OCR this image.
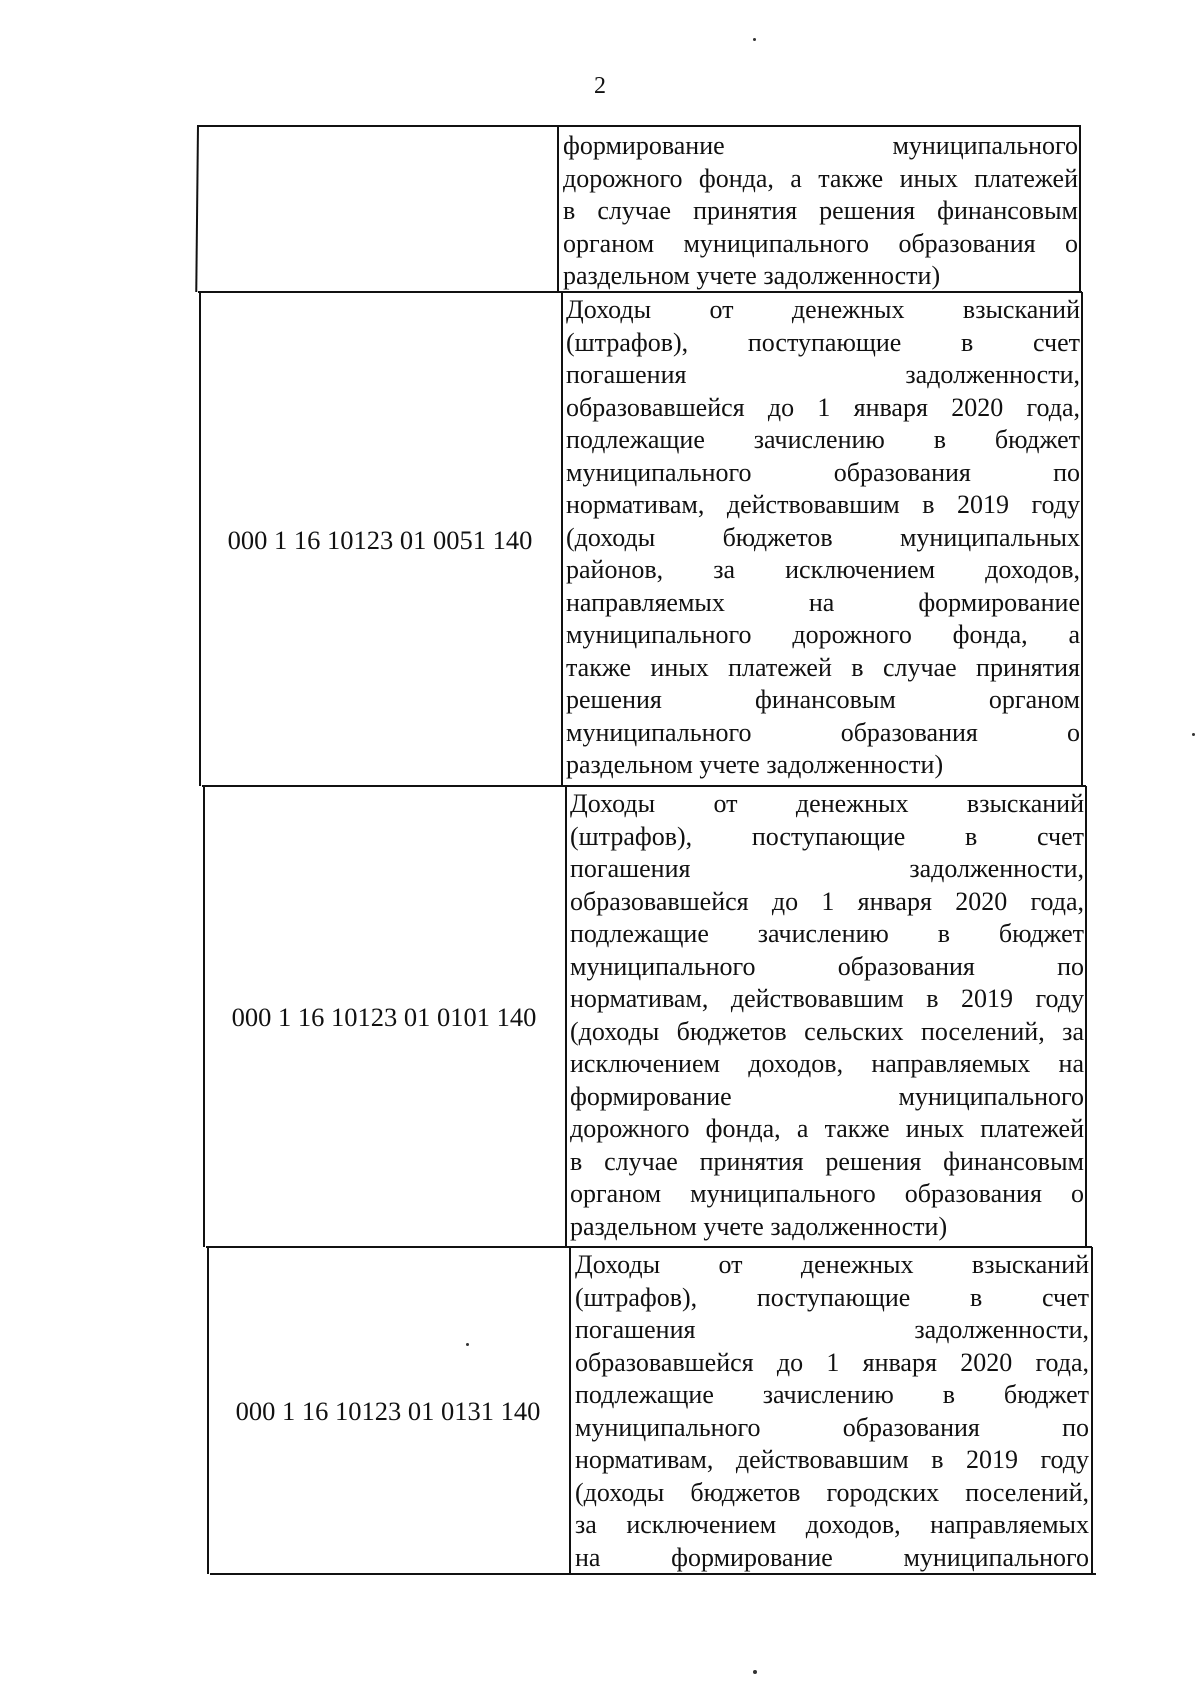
2
формирование муниципального
дорожного фонда, а также иных платежей
в случае принятия решения финансовым
органом муниципального образования о
раздельном учете задолженности)
000 1 16 10123 01 0051 140
Доходы от денежных взысканий
(штрафов), поступающие в счет
погашения задолженности,
образовавшейся до 1 января 2020 года,
подлежащие зачислению в бюджет
муниципального образования по
нормативам, действовавшим в 2019 году
(доходы бюджетов муниципальных
районов, за исключением доходов,
направляемых на формирование
муниципального дорожного фонда, а
также иных платежей в случае принятия
решения финансовым органом
муниципального образования о
раздельном учете задолженности)
000 1 16 10123 01 0101 140
Доходы от денежных взысканий
(штрафов), поступающие в счет
погашения задолженности,
образовавшейся до 1 января 2020 года,
подлежащие зачислению в бюджет
муниципального образования по
нормативам, действовавшим в 2019 году
(доходы бюджетов сельских поселений, за
исключением доходов, направляемых на
формирование муниципального
дорожного фонда, а также иных платежей
в случае принятия решения финансовым
органом муниципального образования о
раздельном учете задолженности)
000 1 16 10123 01 0131 140
Доходы от денежных взысканий
(штрафов), поступающие в счет
погашения задолженности,
образовавшейся до 1 января 2020 года,
подлежащие зачислению в бюджет
муниципального образования по
нормативам, действовавшим в 2019 году
(доходы бюджетов городских поселений,
за исключением доходов, направляемых
на формирование муниципального
